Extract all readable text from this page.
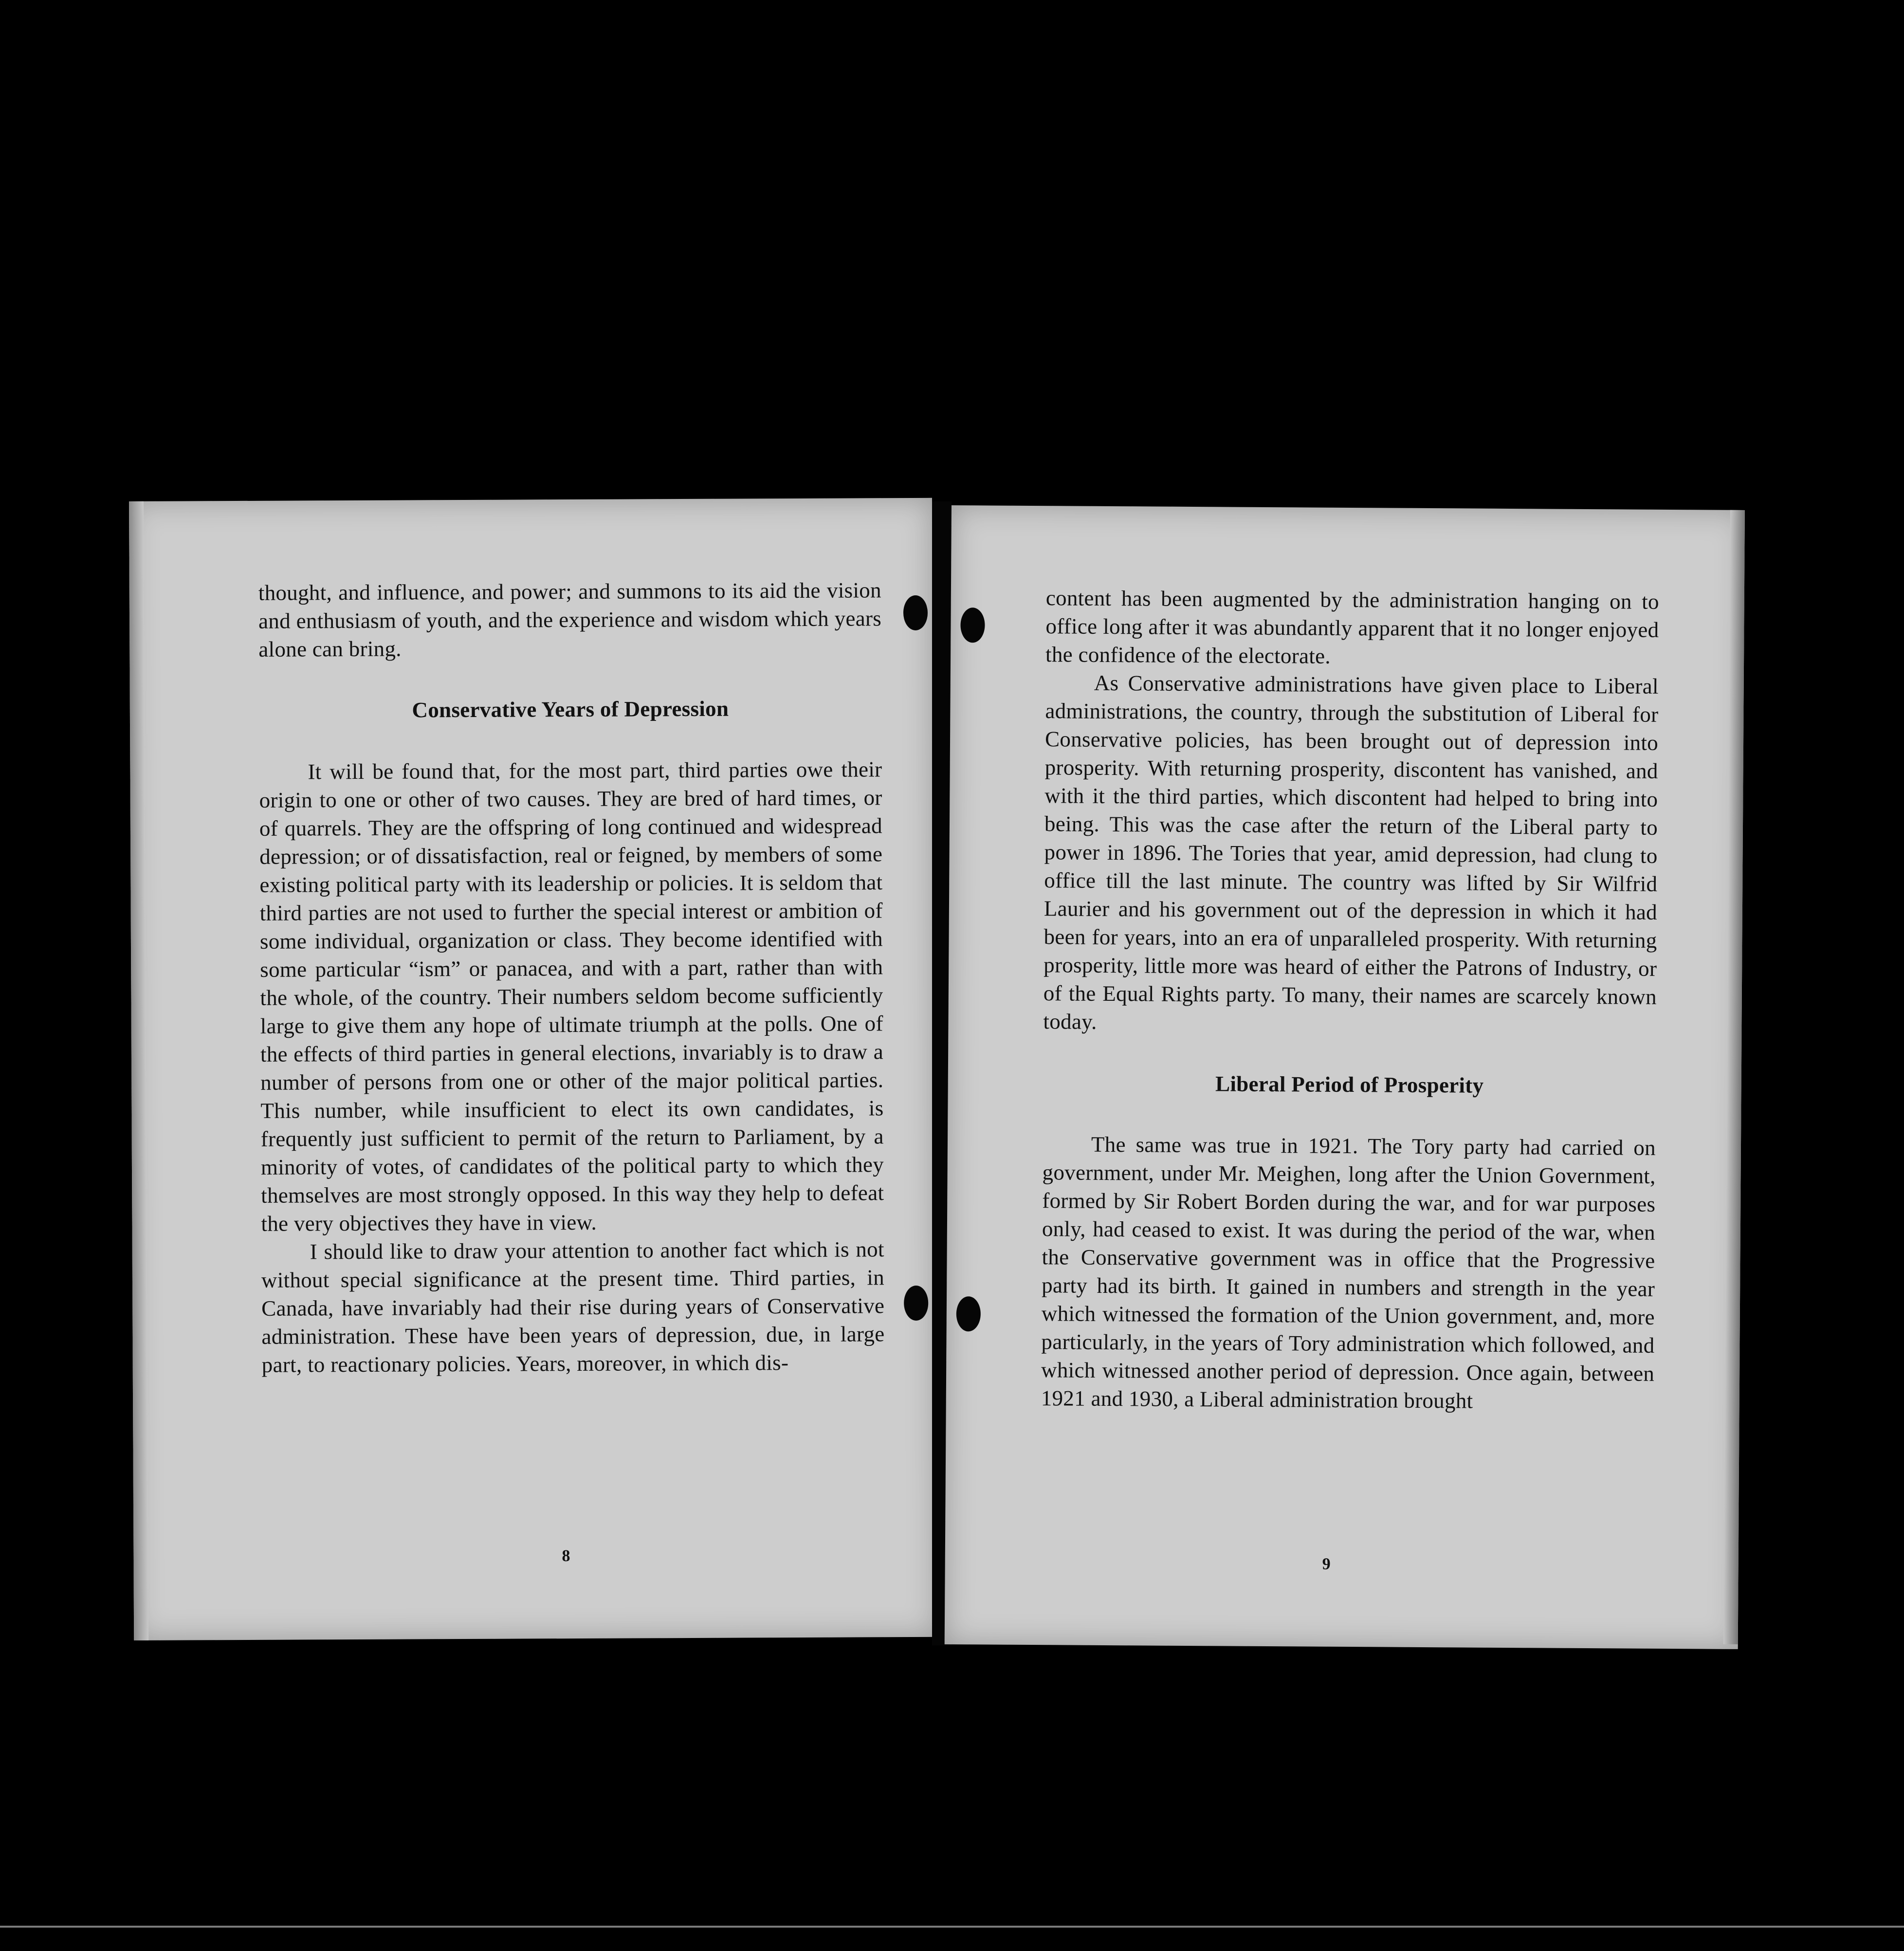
thought, and influence, and power; and summons to its aid the vision and enthusiasm of youth, and the experience and wisdom which years alone can bring.

Conservative Years of Depression

It will be found that, for the most part, third parties owe their origin to one or other of two causes. They are bred of hard times, or of quarrels. They are the offspring of long continued and widespread depression; or of dissatisfaction, real or feigned, by members of some existing political party with its leadership or policies. It is seldom that third parties are not used to further the special interest or ambition of some individual, organization or class. They become identified with some particular “ism” or panacea, and with a part, rather than with the whole, of the country. Their numbers seldom become sufficiently large to give them any hope of ultimate triumph at the polls. One of the effects of third parties in general elections, invariably is to draw a number of persons from one or other of the major political parties. This number, while insufficient to elect its own candidates, is frequently just sufficient to permit of the return to Parliament, by a minority of votes, of candidates of the political party to which they themselves are most strongly opposed. In this way they help to defeat the very objectives they have in view.

I should like to draw your attention to another fact which is not without special significance at the present time. Third parties, in Canada, have invariably had their rise during years of Conservative administration. These have been years of depression, due, in large part, to reactionary policies. Years, moreover, in which dis-

8

content has been augmented by the administration hanging on to office long after it was abundantly apparent that it no longer enjoyed the confidence of the electorate.

As Conservative administrations have given place to Liberal administrations, the country, through the substitution of Liberal for Conservative policies, has been brought out of depression into prosperity. With returning prosperity, discontent has vanished, and with it the third parties, which discontent had helped to bring into being. This was the case after the return of the Liberal party to power in 1896. The Tories that year, amid depression, had clung to office till the last minute. The country was lifted by Sir Wilfrid Laurier and his government out of the depression in which it had been for years, into an era of unparalleled prosperity. With returning prosperity, little more was heard of either the Patrons of Industry, or of the Equal Rights party. To many, their names are scarcely known today.

Liberal Period of Prosperity

The same was true in 1921. The Tory party had carried on government, under Mr. Meighen, long after the Union Government, formed by Sir Robert Borden during the war, and for war purposes only, had ceased to exist. It was during the period of the war, when the Conservative government was in office that the Progressive party had its birth. It gained in numbers and strength in the year which witnessed the formation of the Union government, and, more particularly, in the years of Tory administration which followed, and which witnessed another period of depression. Once again, between 1921 and 1930, a Liberal administration brought

9
